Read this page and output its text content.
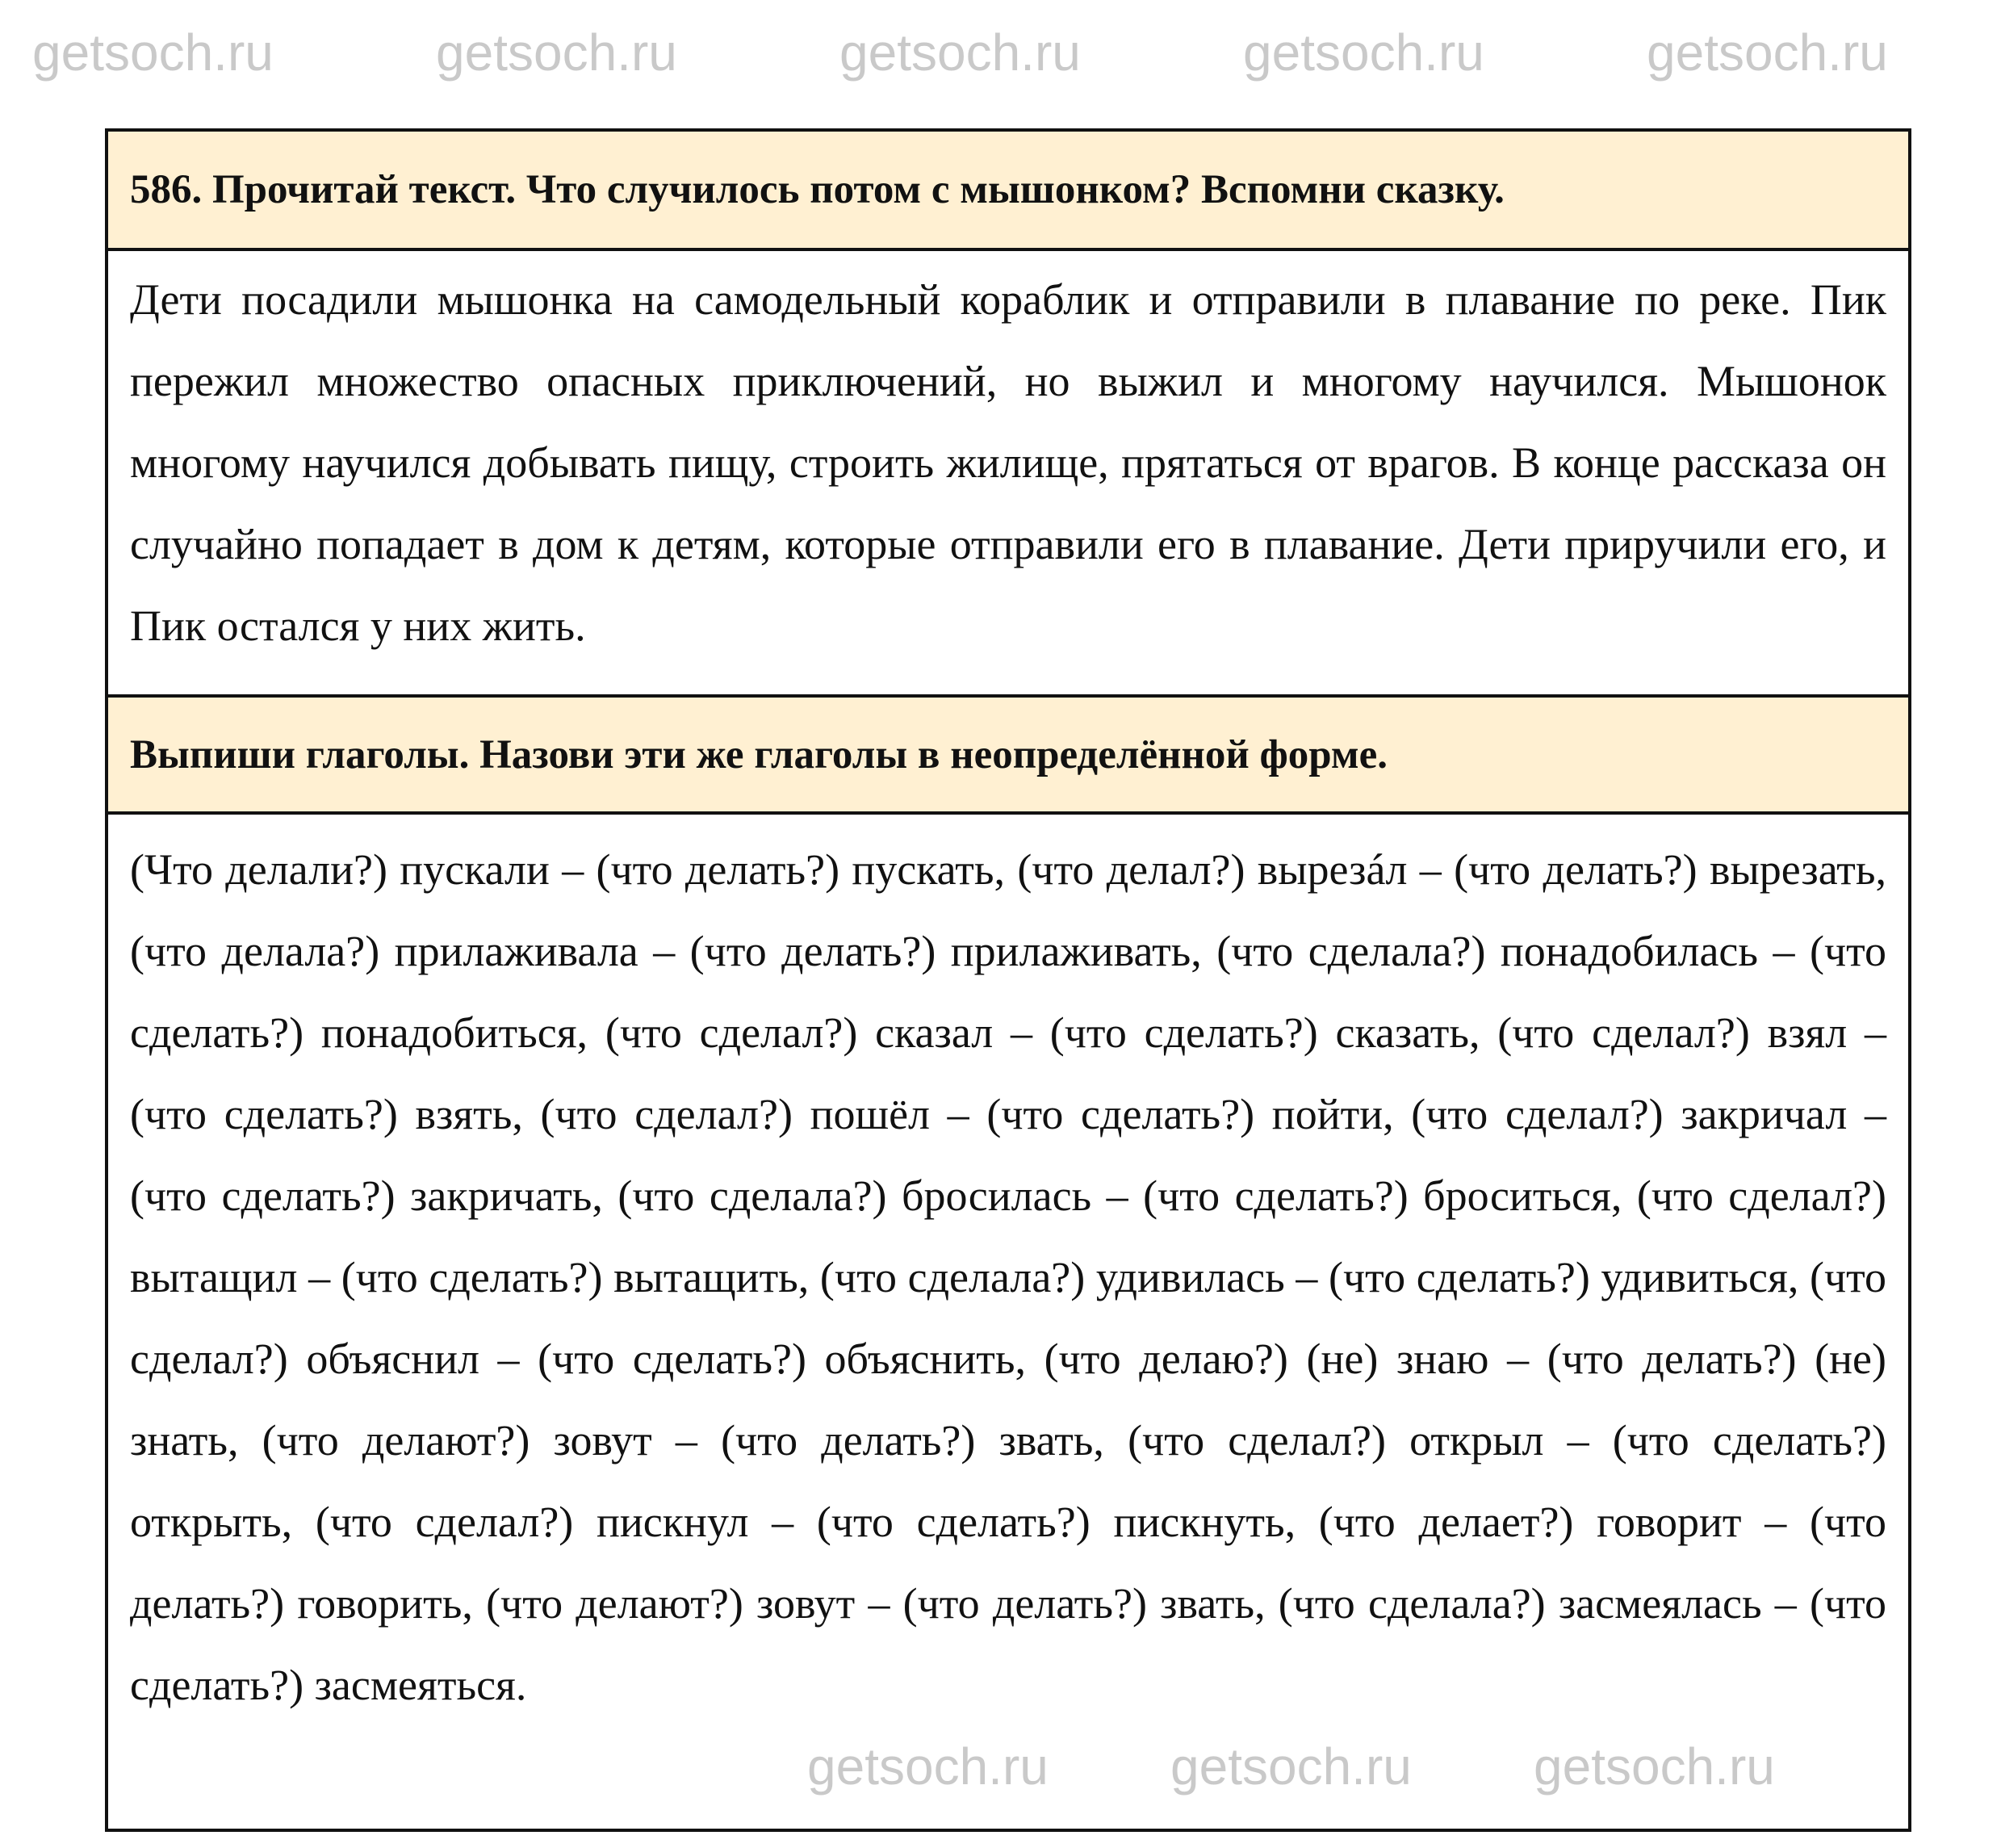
586. Прочитай текст. Что случилось потом с мышонком? Вспомни сказку.
Дети посадили мышонка на самодельный кораблик и отправили в плавание по реке. Пик пережил множество опасных приключений, но выжил и многому научился. Мышонок многому научился добывать пищу, строить жилище, прятаться от врагов. В конце рассказа он случайно попадает в дом к детям, которые отправили его в плавание. Дети приручили его, и Пик остался у них жить.
Выпиши глаголы. Назови эти же глаголы в неопределённой форме.
(Что делали?) пускали – (что делать?) пускать, (что делал?) вырезáл – (что делать?) вырезать, (что делала?) прилаживала – (что делать?) прилаживать, (что сделала?) понадобилась – (что сделать?) понадобиться, (что сделал?) сказал – (что сделать?) сказать, (что сделал?) взял – (что сделать?) взять, (что сделал?) пошёл – (что сделать?) пойти, (что сделал?) закричал – (что сделать?) закричать, (что сделала?) бросилась – (что сделать?) броситься, (что сделал?) вытащил – (что сделать?) вытащить, (что сделала?) удивилась – (что сделать?) удивиться, (что сделал?) объяснил – (что сделать?) объяснить, (что делаю?) (не) знаю – (что делать?) (не) знать, (что делают?) зовут – (что делать?) звать, (что сделал?) открыл – (что сделать?) открыть, (что сделал?) пискнул – (что сделать?) пискнуть, (что делает?) говорит – (что делать?) говорить, (что делают?) зовут – (что делать?) звать, (что сделала?) засмеялась – (что сделать?) засмеяться.
getsoch.ru	getsoch.ru	getsoch.ru	getsoch.ru	getsoch.ru
getsoch.ru getsoch.ru getsoch.ru
